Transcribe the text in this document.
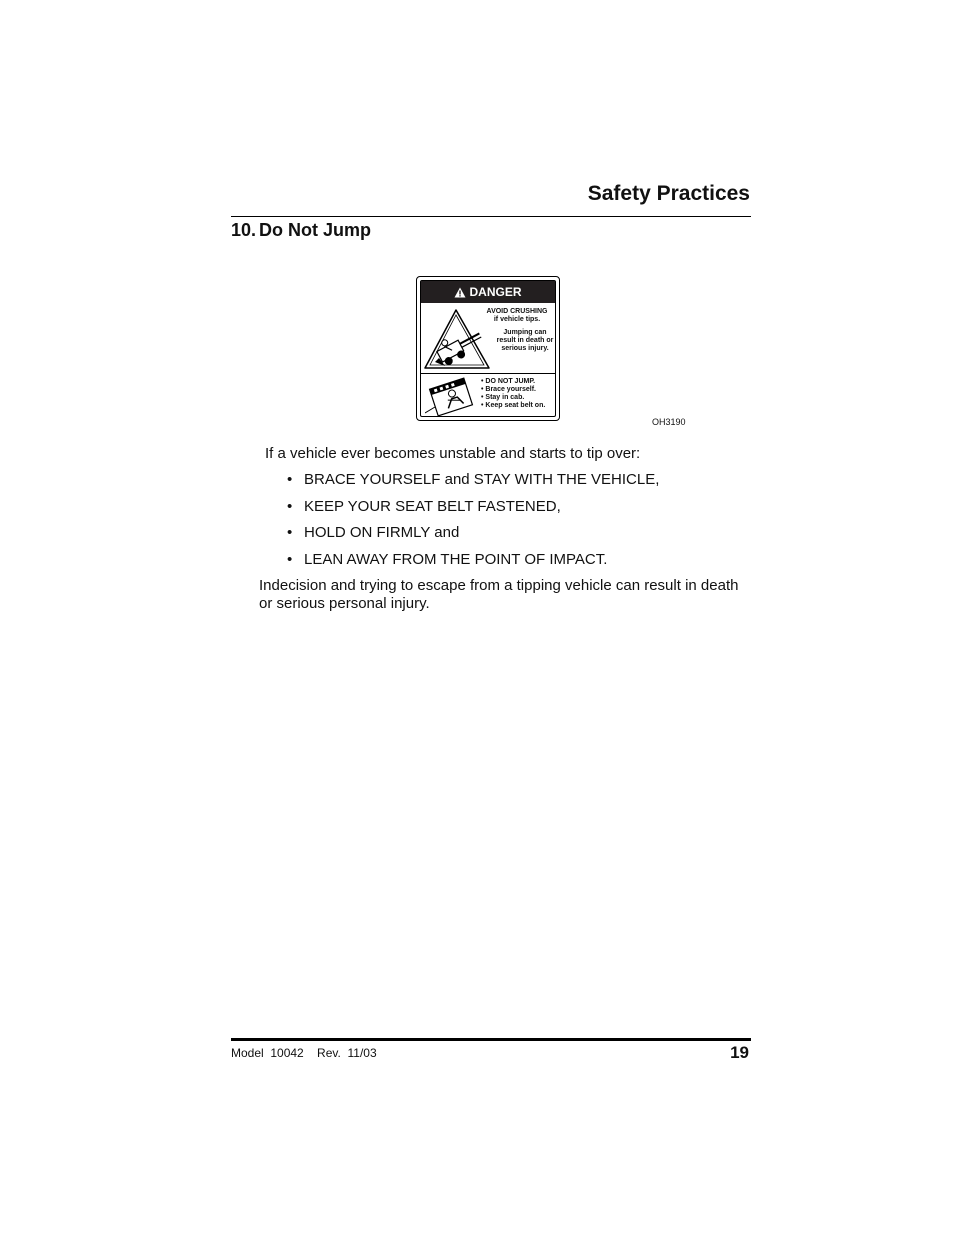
Safety Practices
10. Do Not Jump
DANGER
AVOID CRUSHING
if vehicle tips.
Jumping can result in death or serious injury.
• DO NOT JUMP.
• Brace yourself.
• Stay in cab.
• Keep seat belt on.
OH3190

If a vehicle ever becomes unstable and starts to tip over:

• BRACE YOURSELF and STAY WITH THE VEHICLE,
• KEEP YOUR SEAT BELT FASTENED,
• HOLD ON FIRMLY and
• LEAN AWAY FROM THE POINT OF IMPACT.

Indecision and trying to escape from a tipping vehicle can result in death or serious personal injury.

Model  10042    Rev.  11/03	19
